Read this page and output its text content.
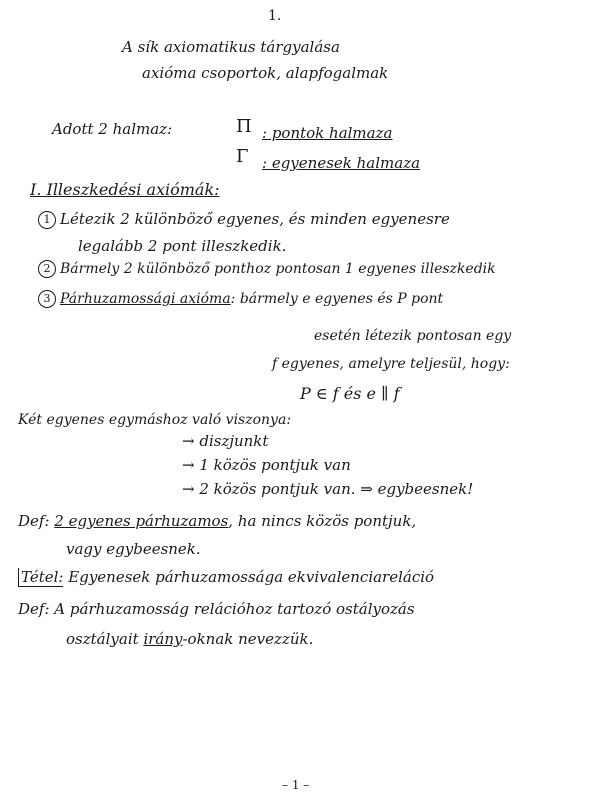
1.
A sík axiomatikus tárgyalása
axióma csoportok, alapfogalmak
Adott 2 halmaz:	Π : pontok halmaza
Γ : egyenesek halmaza
I. Illeszkedési axiómák:
1 Létezik 2 különböző egyenes, és minden egyenesre
legalább 2 pont illeszkedik.
2 Bármely 2 különböző ponthoz pontosan 1 egyenes illeszkedik
3 Párhuzamossági axióma: bármely e egyenes és P pont
esetén létezik pontosan egy
f egyenes, amelyre teljesül, hogy:
P ∈ f és e ∥ f
Két egyenes egymáshoz való viszonya:
→ diszjunkt
→ 1 közös pontjuk van
→ 2 közös pontjuk van. ⇒ egybeesnek!
Def: 2 egyenes párhuzamos, ha nincs közös pontjuk,
vagy egybeesnek.
Tétel: Egyenesek párhuzamossága ekvivalenciareláció
Def: A párhuzamosság relációhoz tartozó ostályozás
osztályait irány-oknak nevezzük.
– 1 –
